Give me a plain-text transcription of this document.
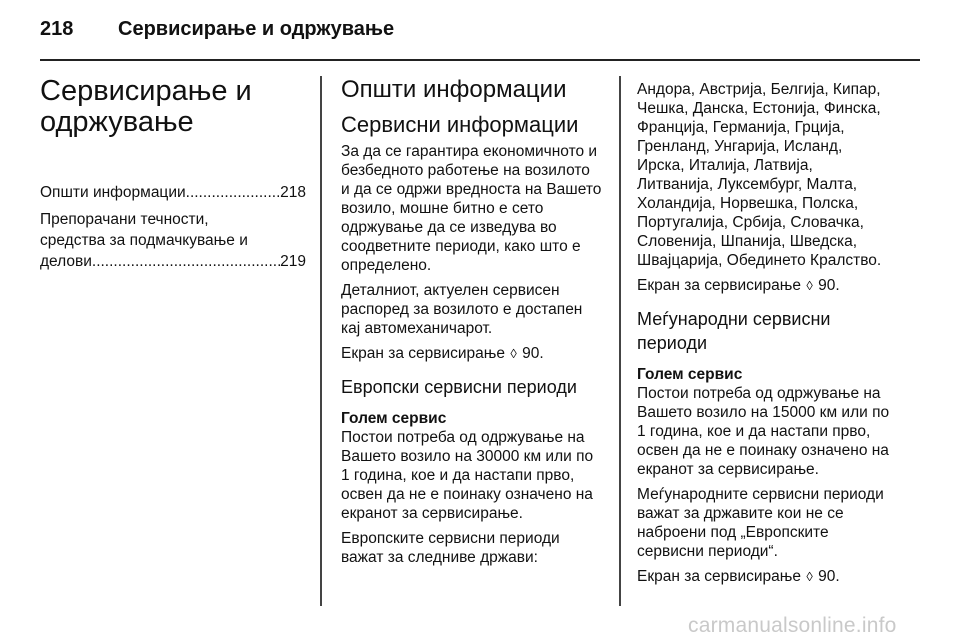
218 Сервисирање и одржување
Сервисирање и
одржување
Општи информации .....	218
Препорачани течности,
средства за подмачкување и
делови .....	219
Општи информации
Сервисни информации

За да се гарантира економичното и
безбедното работење на возилото
и да се одржи вредноста на Вашето
возило, мошне битно е сето
одржување да се изведува во
соодветните периоди, како што е
определено.

Деталниот, актуелен сервисен
распоред за возилото е достапен
кај автомеханичарот.

Екран за сервисирање ◊ 90.

Европски сервисни периоди
Голем сервис

Постои потреба од одржување на
Вашето возило на 30000 км или по
1 година, кое и да настапи прво,
освен да не е поинаку означено на
екранот за сервисирање.

Европските сервисни периоди
важат за следниве држави:

Андора, Австрија, Белгија, Кипар,
Чешка, Данска, Естонија, Финска,
Франција, Германија, Грција,
Гренланд, Унгарија, Исланд,
Ирска, Италија, Латвија,
Литванија, Луксембург, Малта,
Холандија, Норвешка, Полска,
Португалија, Србија, Словачка,
Словенија, Шпанија, Шведска,
Швајцарија, Обединето Кралство.

Екран за сервисирање ◊ 90.

Меѓународни сервисни
периоди
Голем сервис

Постои потреба од одржување на
Вашето возило на 15000 км или по
1 година, кое и да настапи прво,
освен да не е поинаку означено на
екранот за сервисирање.

Меѓународните сервисни периоди
важат за државите кои не се
наброени под „Европските
сервисни периоди“.

Екран за сервисирање ◊ 90.

carmanualsonline.info
